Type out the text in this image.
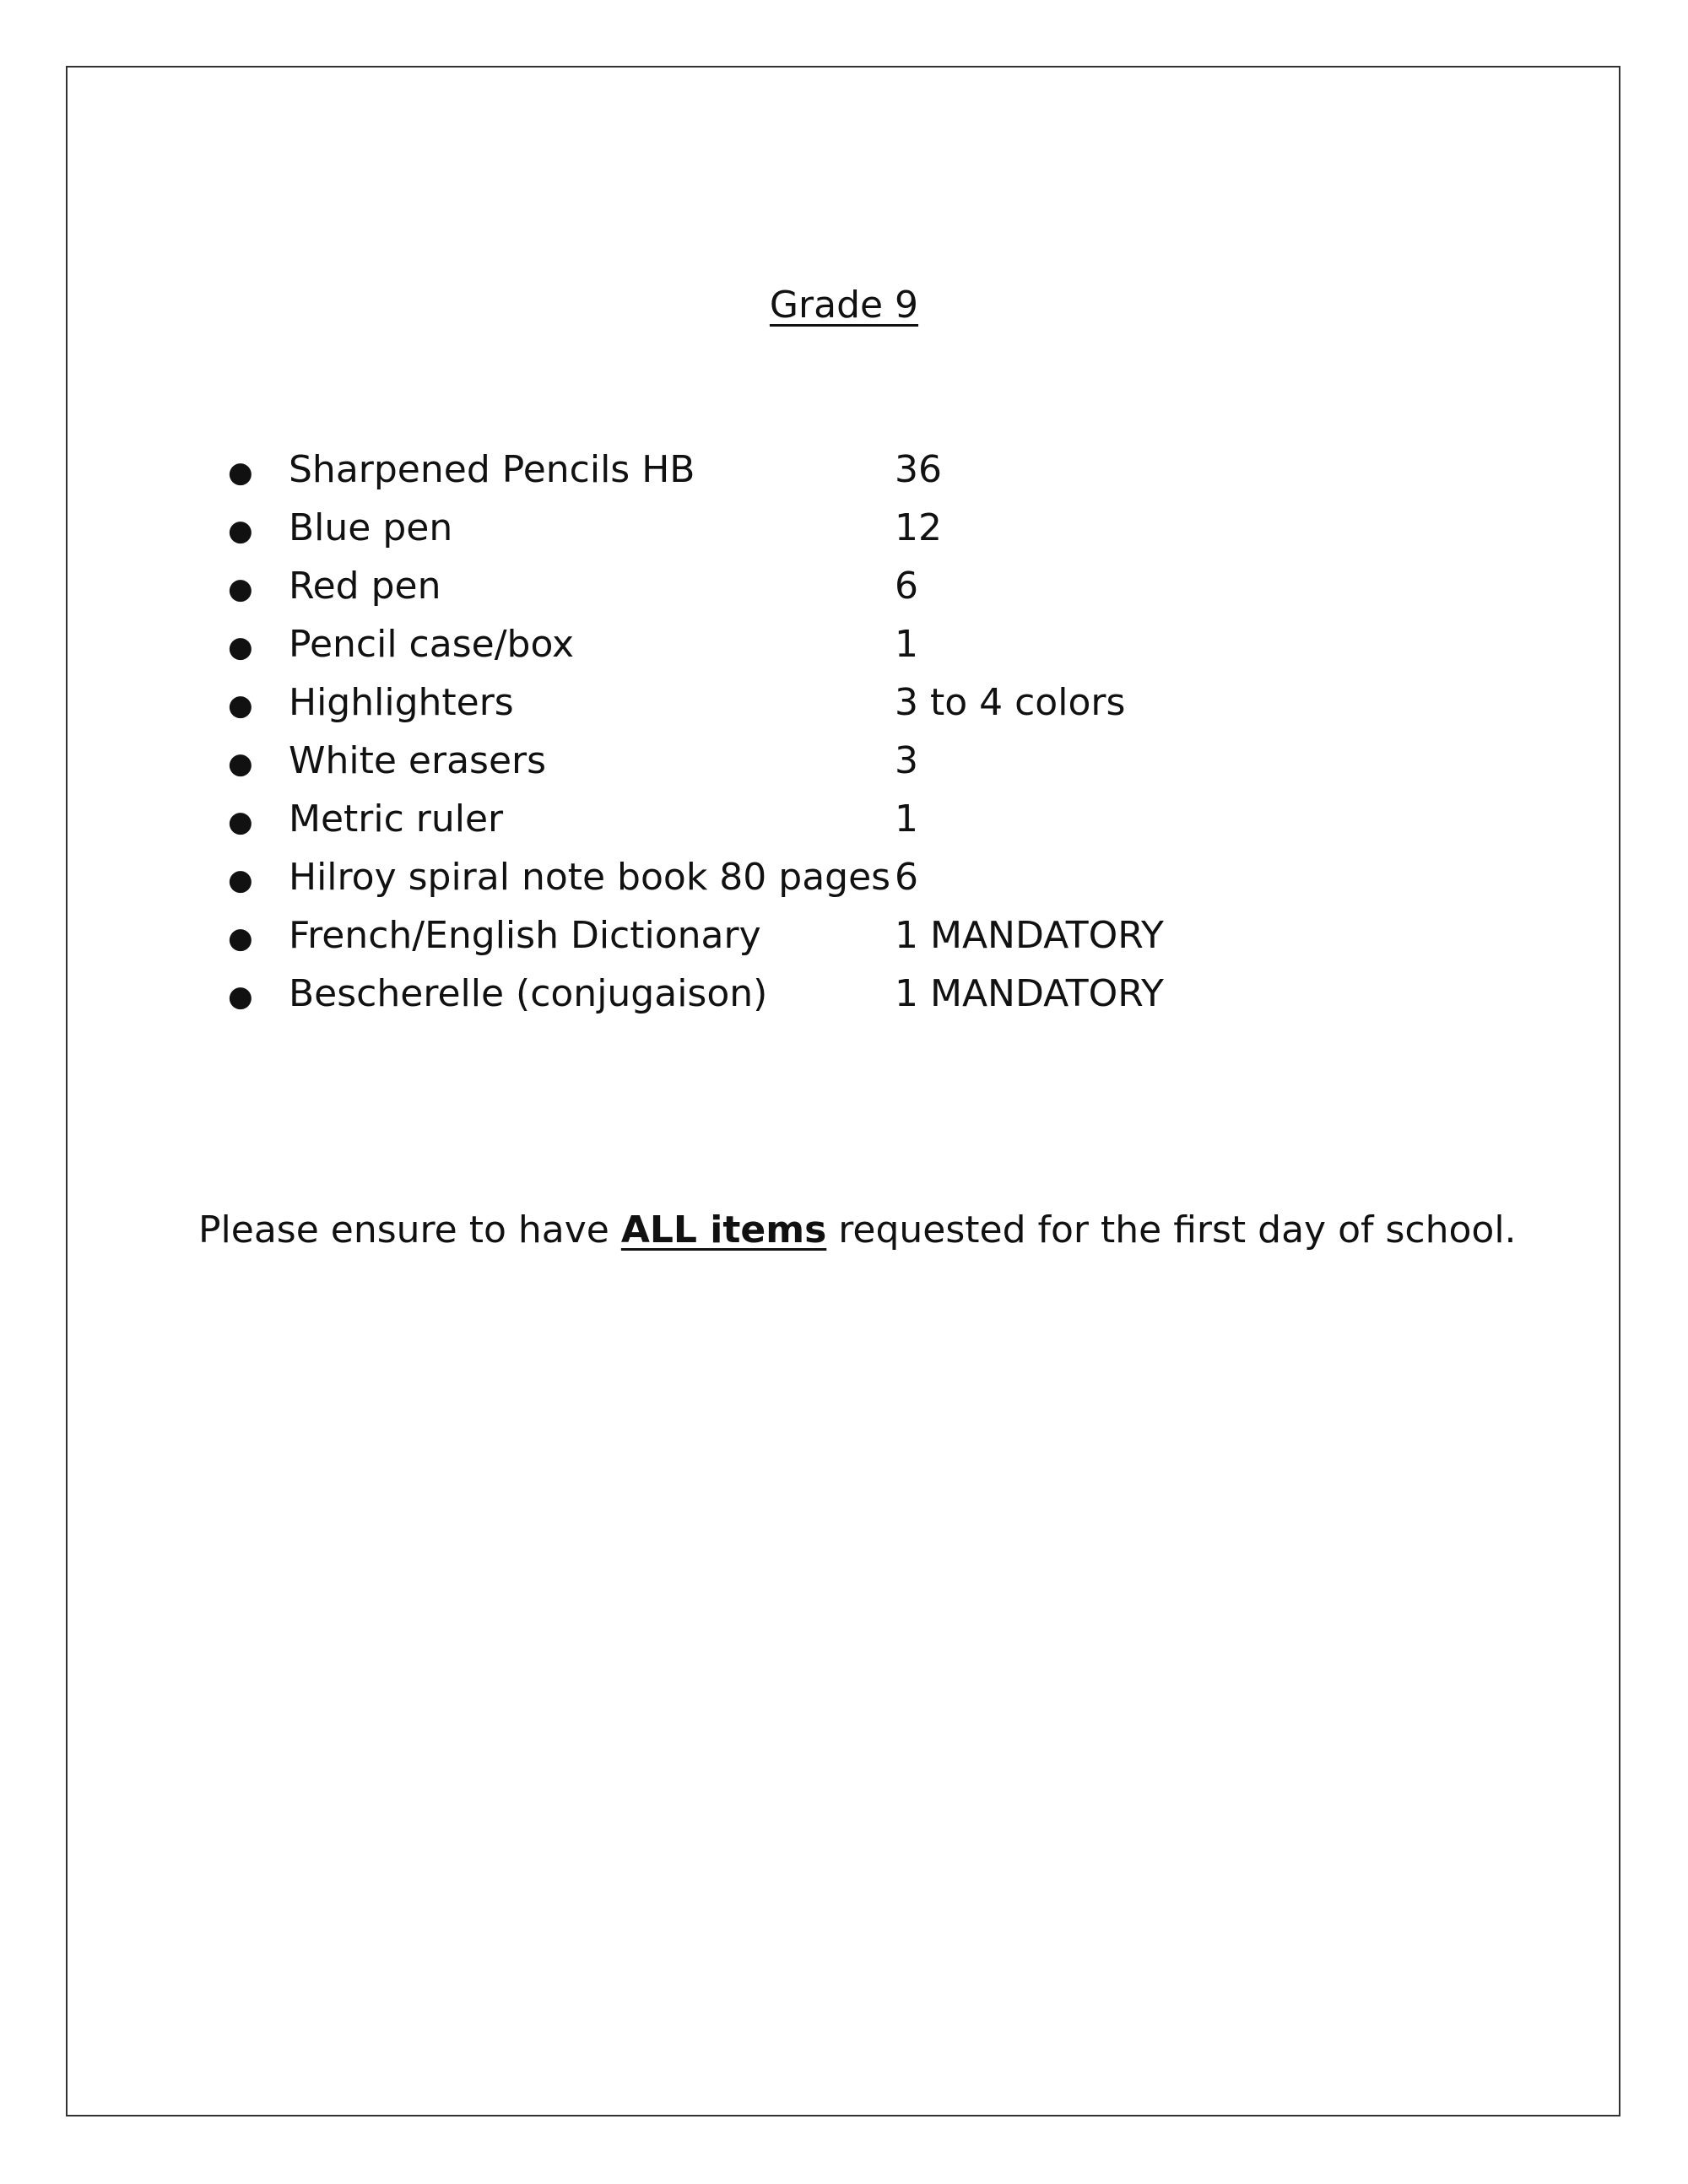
Grade 9
● Sharpened Pencils HB	36
● Blue pen	12
● Red pen	6
● Pencil case/box	1
● Highlighters	3 to 4 colors
● White erasers	3
● Metric ruler	1
● Hilroy spiral note book 80 pages 6
● French/English Dictionary	1 MANDATORY
● Bescherelle (conjugaison)	1 MANDATORY
Please ensure to have ALL items requested for the first day of school.
